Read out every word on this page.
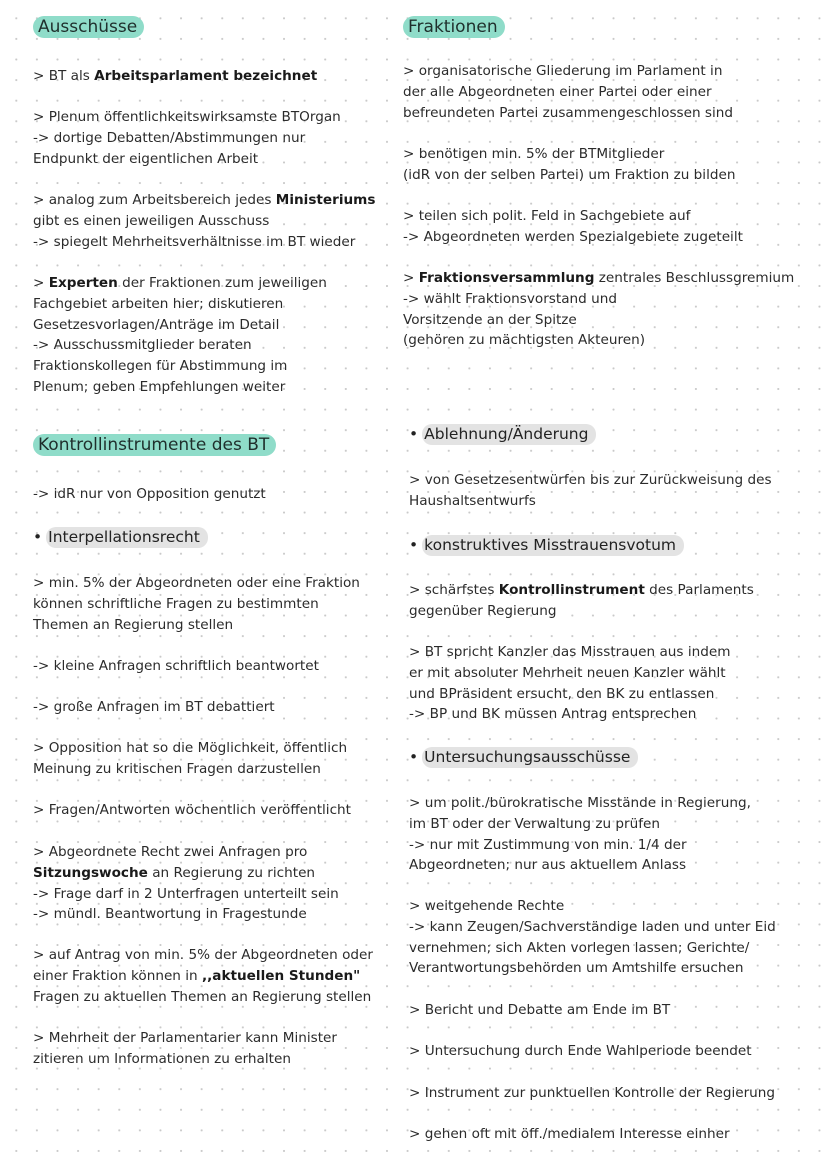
Ausschüsse
> BT als Arbeitsparlament bezeichnet
> Plenum öffentlichkeitswirksamste BTOrgan
-> dortige Debatten/Abstimmungen nur
Endpunkt der eigentlichen Arbeit
> analog zum Arbeitsbereich jedes Ministeriums
gibt es einen jeweiligen Ausschuss
-> spiegelt Mehrheitsverhältnisse im BT wieder
> Experten der Fraktionen zum jeweiligen
Fachgebiet arbeiten hier; diskutieren
Gesetzesvorlagen/Anträge im Detail
-> Ausschussmitglieder beraten
Fraktionskollegen für Abstimmung im
Plenum; geben Empfehlungen weiter
Kontrollinstrumente des BT
-> idR nur von Opposition genutzt
• Interpellationsrecht
> min. 5% der Abgeordneten oder eine Fraktion
können schriftliche Fragen zu bestimmten
Themen an Regierung stellen
-> kleine Anfragen schriftlich beantwortet
-> große Anfragen im BT debattiert
> Opposition hat so die Möglichkeit, öffentlich
Meinung zu kritischen Fragen darzustellen
> Fragen/Antworten wöchentlich veröffentlicht
> Abgeordnete Recht zwei Anfragen pro
Sitzungswoche an Regierung zu richten
-> Frage darf in 2 Unterfragen unterteilt sein
-> mündl. Beantwortung in Fragestunde
> auf Antrag von min. 5% der Abgeordneten oder
einer Fraktion können in ,,aktuellen Stunden"
Fragen zu aktuellen Themen an Regierung stellen
> Mehrheit der Parlamentarier kann Minister
zitieren um Informationen zu erhalten
Fraktionen
> organisatorische Gliederung im Parlament in
der alle Abgeordneten einer Partei oder einer
befreundeten Partei zusammengeschlossen sind
> benötigen min. 5% der BTMitglieder
(idR von der selben Partei) um Fraktion zu bilden
> teilen sich polit. Feld in Sachgebiete auf
-> Abgeordneten werden Spezialgebiete zugeteilt
> Fraktionsversammlung zentrales Beschlussgremium
-> wählt Fraktionsvorstand und
Vorsitzende an der Spitze
(gehören zu mächtigsten Akteuren)
• Ablehnung/Änderung
> von Gesetzesentwürfen bis zur Zurückweisung des
Haushaltsentwurfs
• konstruktives Misstrauensvotum
> schärfstes Kontrollinstrument des Parlaments
gegenüber Regierung
> BT spricht Kanzler das Misstrauen aus indem
er mit absoluter Mehrheit neuen Kanzler wählt
und BPräsident ersucht, den BK zu entlassen
-> BP und BK müssen Antrag entsprechen
• Untersuchungsausschüsse
> um polit./bürokratische Misstände in Regierung,
im BT oder der Verwaltung zu prüfen
-> nur mit Zustimmung von min. 1/4 der
Abgeordneten; nur aus aktuellem Anlass
> weitgehende Rechte
-> kann Zeugen/Sachverständige laden und unter Eid
vernehmen; sich Akten vorlegen lassen; Gerichte/
Verantwortungsbehörden um Amtshilfe ersuchen
> Bericht und Debatte am Ende im BT
> Untersuchung durch Ende Wahlperiode beendet
> Instrument zur punktuellen Kontrolle der Regierung
> gehen oft mit öff./medialem Interesse einher
